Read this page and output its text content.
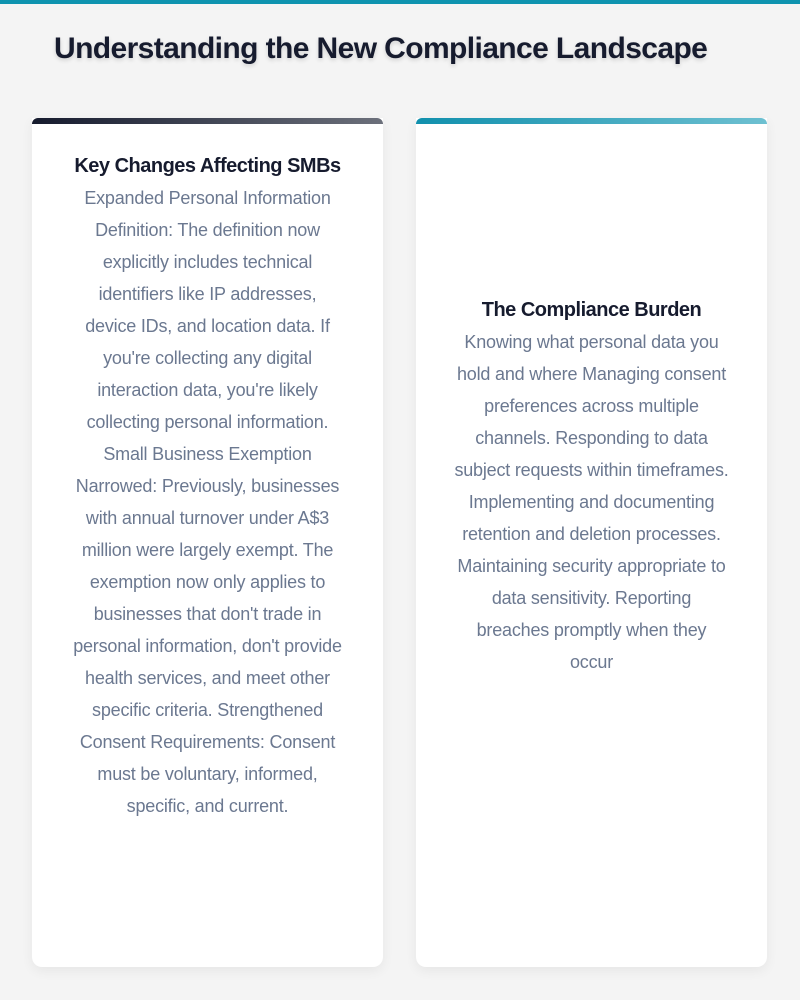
Understanding the New Compliance Landscape
Key Changes Affecting SMBs

Expanded Personal Information Definition: The definition now explicitly includes technical identifiers like IP addresses, device IDs, and location data. If you're collecting any digital interaction data, you're likely collecting personal information. Small Business Exemption Narrowed: Previously, businesses with annual turnover under A$3 million were largely exempt. The exemption now only applies to businesses that don't trade in personal information, don't provide health services, and meet other specific criteria. Strengthened Consent Requirements: Consent must be voluntary, informed, specific, and current.

The Compliance Burden

Knowing what personal data you hold and where Managing consent preferences across multiple channels. Responding to data subject requests within timeframes. Implementing and documenting retention and deletion processes. Maintaining security appropriate to data sensitivity. Reporting breaches promptly when they occur
